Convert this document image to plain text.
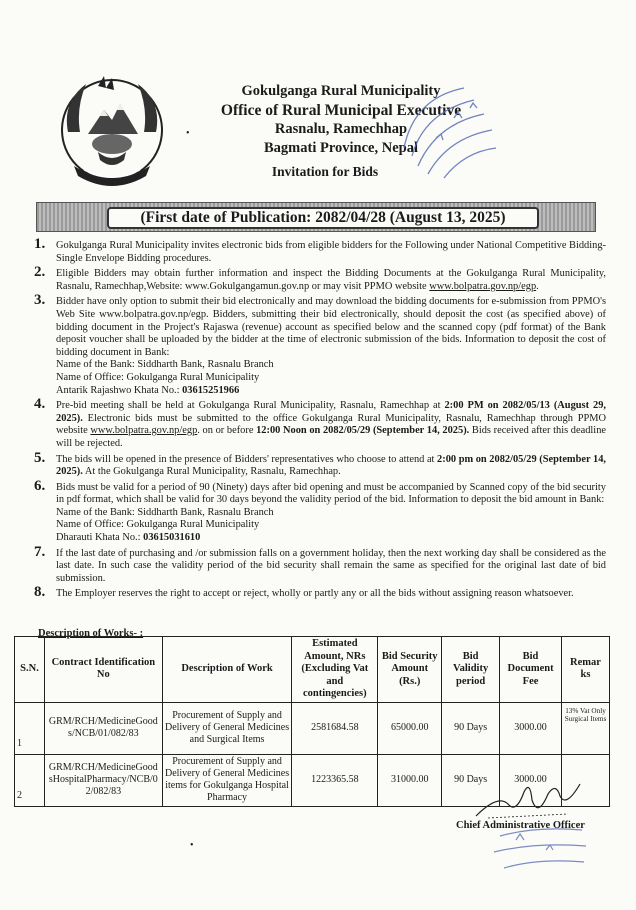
•
Gokulganga Rural Municipality
Office of Rural Municipal Executive
Rasnalu, Ramechhap
Bagmati Province, Nepal
Invitation for Bids
(First date of Publication: 2082/04/28 (August 13, 2025)
1. Gokulganga Rural Municipality invites electronic bids from eligible bidders for the Following under National Competitive Bidding-Single Envelope Bidding procedures.

2. Eligible Bidders may obtain further information and inspect the Bidding Documents at the Gokulganga Rural Municipality, Rasnalu, Ramechhap,Website: www.Gokulgangamun.gov.np or may visit PPMO website www.bolpatra.gov.np/egp.

3. Bidder have only option to submit their bid electronically and may download the bidding documents for e-submission from PPMO's Web Site www.bolpatra.gov.np/egp. Bidders, submitting their bid electronically, should deposit the cost (as specified above) of bidding document in the Project's Rajaswa (revenue) account as specified below and the scanned copy (pdf format) of the Bank deposit voucher shall be uploaded by the bidder at the time of electronic submission of the bids. Information to deposit the cost of bidding document in Bank:

Name of the Bank: Siddharth Bank, Rasnalu Branch
Name of Office: Gokulganga Rural Municipality
Antarik Rajashwo Khata No.: 03615251966
4. Pre-bid meeting shall be held at Gokulganga Rural Municipality, Rasnalu, Ramechhap at 2:00 PM on 2082/05/13 (August 29, 2025). Electronic bids must be submitted to the office Gokulganga Rural Municipality, Rasnalu, Ramechhap through PPMO website www.bolpatra.gov.np/egp. on or before 12:00 Noon on 2082/05/29 (September 14, 2025). Bids received after this deadline will be rejected.

5. The bids will be opened in the presence of Bidders' representatives who choose to attend at 2:00 pm on 2082/05/29 (September 14, 2025). At the Gokulganga Rural Municipality, Rasnalu, Ramechhap.

6. Bids must be valid for a period of 90 (Ninety) days after bid opening and must be accompanied by Scanned copy of the bid security in pdf format, which shall be valid for 30 days beyond the validity period of the bid. Information to deposit the bid amount in Bank:

Name of the Bank: Siddharth Bank, Rasnalu Branch
Name of Office: Gokulganga Rural Municipality
Dharauti Khata No.: 03615031610
7. If the last date of purchasing and /or submission falls on a government holiday, then the next working day shall be considered as the last date. In such case the validity period of the bid security shall remain the same as specified for the original last date of bid submission.

8. The Employer reserves the right to accept or reject, wholly or partly any or all the bids without assigning reason whatsoever.

Description of Works- :
S.N.	Contract Identification No	Description of Work	Estimated Amount, NRs (Excluding Vat and contingencies)	Bid Security Amount (Rs.)	Bid Validity period	Bid Document Fee	Remar ks
1	GRM/RCH/MedicineGoods/NCB/01/082/83	Procurement of Supply and Delivery of General Medicines and Surgical Items	2581684.58	65000.00	90 Days	3000.00	13% Vat Only Surgical Items
2	GRM/RCH/MedicineGoodsHospitalPharmacy/NCB/02/082/83	Procurement of Supply and Delivery of General Medicines items for Gokulganga Hospital Pharmacy	1223365.58	31000.00	90 Days	3000.00	
Chief Administrative Officer
•
